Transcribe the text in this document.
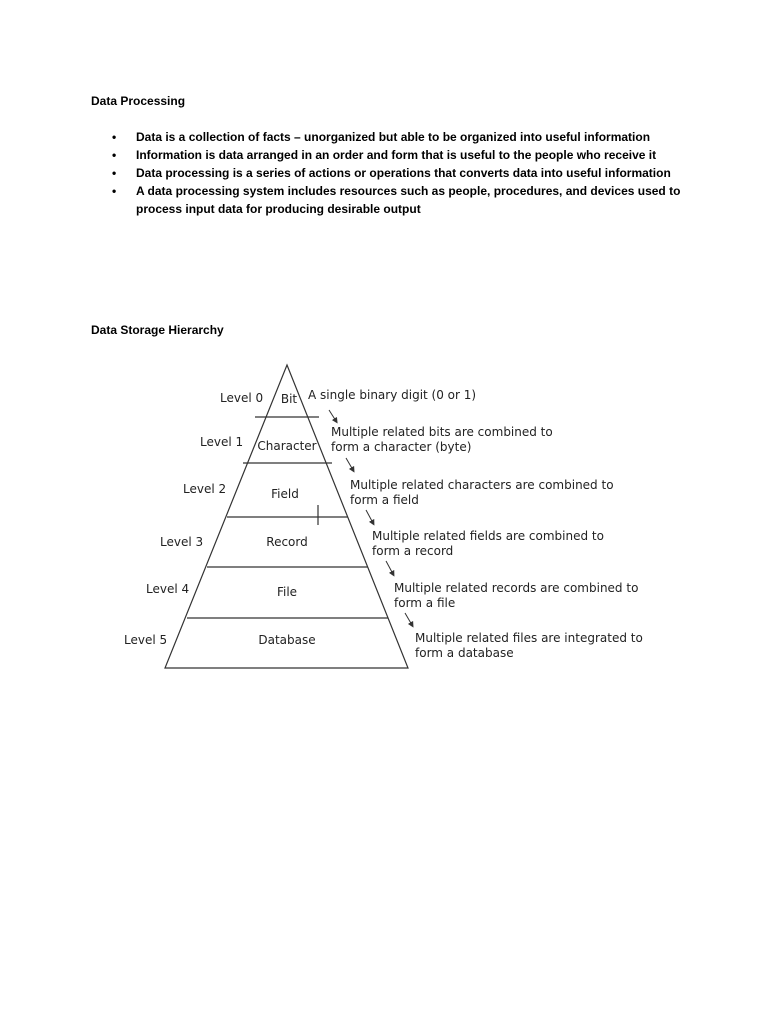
Data Processing
• Data is a collection of facts – unorganized but able to be organized into useful information
• Information is data arranged in an order and form that is useful to the people who receive it
• Data processing is a series of actions or operations that converts data into useful information
• A data processing system includes resources such as people, procedures, and devices used to process input data for producing desirable output
Data Storage Hierarchy
Level 0
Level 1
Level 2
Level 3
Level 4
Level 5
Bit
Character
Field
Record
File
Database
A single binary digit (0 or 1)
Multiple related bits are combined to
form a character (byte)
Multiple related characters are combined to
form a field
Multiple related fields are combined to
form a record
Multiple related records are combined to
form a file
Multiple related files are integrated to
form a database
